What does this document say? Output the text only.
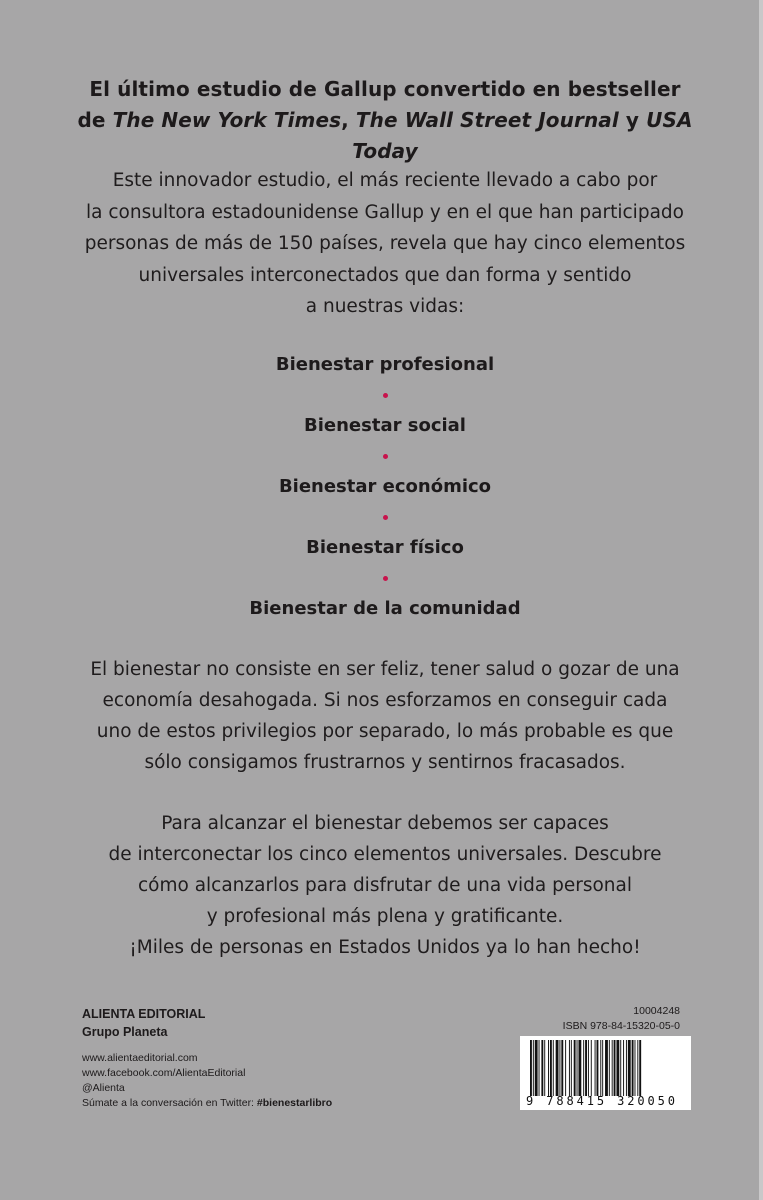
El último estudio de Gallup convertido en bestseller
de The New York Times, The Wall Street Journal y USA Today
Este innovador estudio, el más reciente llevado a cabo por
la consultora estadounidense Gallup y en el que han participado
personas de más de 150 países, revela que hay cinco elementos
universales interconectados que dan forma y sentido
a nuestras vidas:
Bienestar profesional
Bienestar social
Bienestar económico
Bienestar físico
Bienestar de la comunidad
El bienestar no consiste en ser feliz, tener salud o gozar de una
economía desahogada. Si nos esforzamos en conseguir cada
uno de estos privilegios por separado, lo más probable es que
sólo consigamos frustrarnos y sentirnos fracasados.
Para alcanzar el bienestar debemos ser capaces
de interconectar los cinco elementos universales. Descubre
cómo alcanzarlos para disfrutar de una vida personal
y profesional más plena y gratificante.
¡Miles de personas en Estados Unidos ya lo han hecho!
ALIENTA EDITORIAL
Grupo Planeta
www.alientaeditorial.com
www.facebook.com/AlientaEditorial
@Alienta
Súmate a la conversación en Twitter: #bienestarlibro
10004248
ISBN 978-84-15320-05-0
9 788415 320050
